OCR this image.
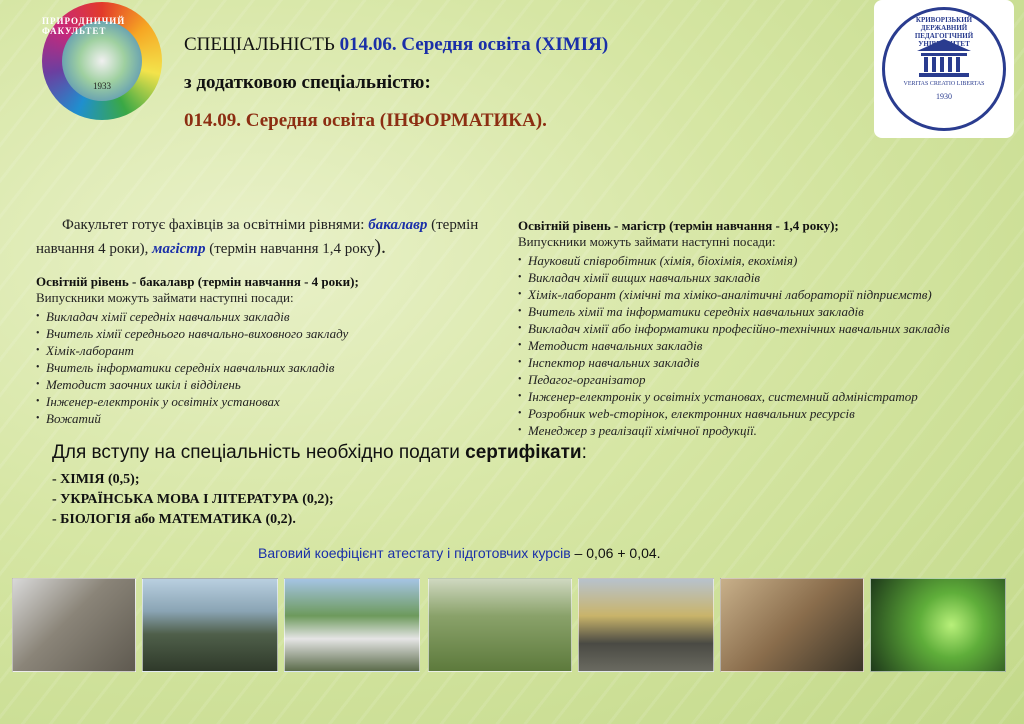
ПРИРОДНИЧИЙ ФАКУЛЬТЕТ
1933
КРИВОРІЗЬКИЙ ДЕРЖАВНИЙ ПЕДАГОГІЧНИЙ УНІВЕРСИТЕТ
VERITAS CREATIO LIBERTAS
1930
СПЕЦІАЛЬНІСТЬ 014.06. Середня освіта (ХІМІЯ)
з додатковою спеціальністю:
014.09. Середня освіта (ІНФОРМАТИКА).
Факультет готує фахівців за освітніми рівнями: бакалавр (термін навчання 4 роки), магістр (термін навчання 1,4 року).
Освітній рівень - бакалавр (термін навчання - 4 роки);
Випускники можуть займати наступні посади:
• Викладач хімії середніх навчальних закладів
• Вчитель хімії середнього навчально-виховного закладу
• Хімік-лаборант
• Вчитель інформатики середніх навчальних закладів
• Методист заочних шкіл і відділень
• Інженер-електронік у освітніх установах
• Вожатий
Освітній рівень - магістр (термін навчання - 1,4 року);
Випускники можуть займати наступні посади:
• Науковий співробітник (хімія, біохімія, екохімія)
• Викладач хімії вищих навчальних закладів
• Хімік-лаборант (хімічні та хіміко-аналітичні лабораторії підприємств)
• Вчитель хімії та інформатики середніх навчальних закладів
• Викладач хімії або інформатики професійно-технічних навчальних закладів
• Методист навчальних закладів
• Інспектор навчальних закладів
• Педагог-організатор
• Інженер-електронік у освітніх установах, системний адміністратор
• Розробник web-сторінок, електронних навчальних ресурсів
• Менеджер з реалізації хімічної продукції.
Для вступу на спеціальність необхідно подати сертифікати:
- ХІМІЯ (0,5);
- УКРАЇНСЬКА МОВА І ЛІТЕРАТУРА (0,2);
- БІОЛОГІЯ або МАТЕМАТИКА (0,2).
Ваговий коефіцієнт атестату і підготовчих курсів – 0,06 + 0,04.
